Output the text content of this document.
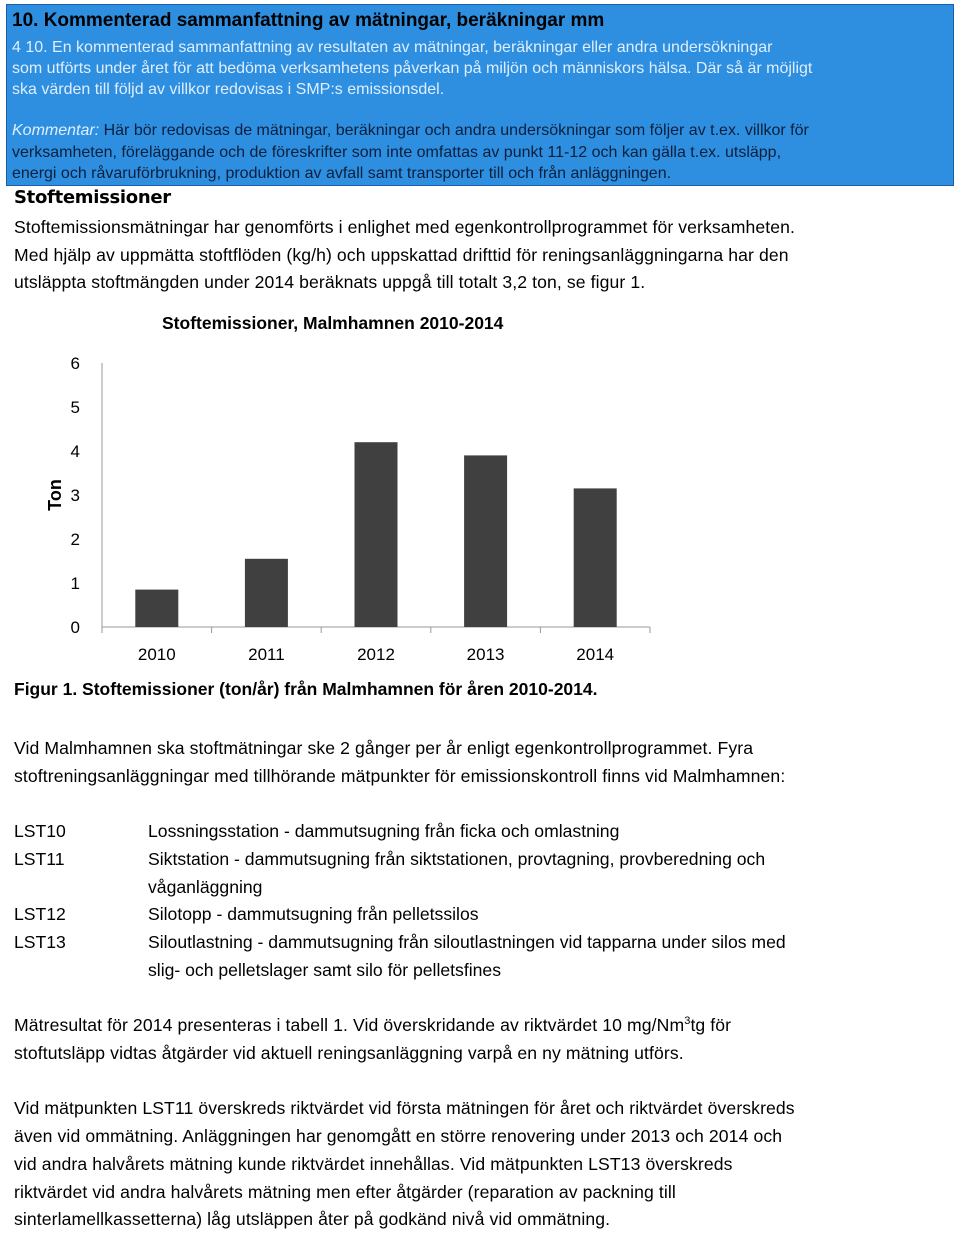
10. Kommenterad sammanfattning av mätningar, beräkningar mm
4 10. En kommenterad sammanfattning av resultaten av mätningar, beräkningar eller andra undersökningar
som utförts under året för att bedöma verksamhetens påverkan på miljön och människors hälsa. Där så är möjligt
ska värden till följd av villkor redovisas i SMP:s emissionsdel.
Kommentar: Här bör redovisas de mätningar, beräkningar och andra undersökningar som följer av t.ex. villkor för
verksamheten, föreläggande och de föreskrifter som inte omfattas av punkt 11-12 och kan gälla t.ex. utsläpp,
energi och råvaruförbrukning, produktion av avfall samt transporter till och från anläggningen.
Stoftemissioner
Stoftemissionsmätningar har genomförts i enlighet med egenkontrollprogrammet för verksamheten.
Med hjälp av uppmätta stoftflöden (kg/h) och uppskattad drifttid för reningsanläggningarna har den
utsläppta stoftmängden under 2014 beräknats uppgå till totalt 3,2 ton, se figur 1.
Stoftemissioner, Malmhamnen 2010-2014
0
1
2
3
4
5
6
Ton
2010	2011	2012	2013	2014
Figur 1. Stoftemissioner (ton/år) från Malmhamnen för åren 2010-2014.
Vid Malmhamnen ska stoftmätningar ske 2 gånger per år enligt egenkontrollprogrammet. Fyra
stoftreningsanläggningar med tillhörande mätpunkter för emissionskontroll finns vid Malmhamnen:
LST10	Lossningsstation - dammutsugning från ficka och omlastning
LST11	Siktstation - dammutsugning från siktstationen, provtagning, provberedning och
våganläggning
LST12	Silotopp - dammutsugning från pelletssilos
LST13	Siloutlastning - dammutsugning från siloutlastningen vid tapparna under silos med
slig- och pelletslager samt silo för pelletsfines
Mätresultat för 2014 presenteras i tabell 1. Vid överskridande av riktvärdet 10 mg/Nm$^3$tg för
stoftutsläpp vidtas åtgärder vid aktuell reningsanläggning varpå en ny mätning utförs.
Vid mätpunkten LST11 överskreds riktvärdet vid första mätningen för året och riktvärdet överskreds
även vid ommätning. Anläggningen har genomgått en större renovering under 2013 och 2014 och
vid andra halvårets mätning kunde riktvärdet innehållas. Vid mätpunkten LST13 överskreds
riktvärdet vid andra halvårets mätning men efter åtgärder (reparation av packning till
sinterlamellkassetterna) låg utsläppen åter på godkänd nivå vid ommätning.
